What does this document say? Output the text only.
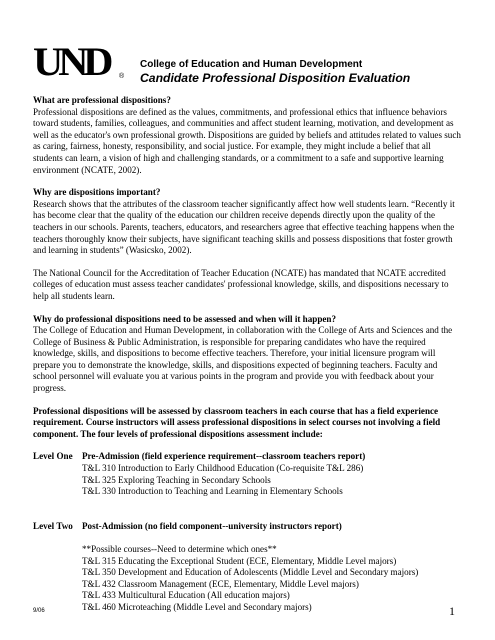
UND ®
College of Education and Human Development
Candidate Professional Disposition Evaluation

What are professional dispositions?
Professional dispositions are defined as the values, commitments, and professional ethics that influence behaviors toward students, families, colleagues, and communities and affect student learning, motivation, and development as well as the educator's own professional growth. Dispositions are guided by beliefs and attitudes related to values such as caring, fairness, honesty, responsibility, and social justice. For example, they might include a belief that all students can learn, a vision of high and challenging standards, or a commitment to a safe and supportive learning environment (NCATE, 2002).

Why are dispositions important?
Research shows that the attributes of the classroom teacher significantly affect how well students learn. “Recently it has become clear that the quality of the education our children receive depends directly upon the quality of the teachers in our schools. Parents, teachers, educators, and researchers agree that effective teaching happens when the teachers thoroughly know their subjects, have significant teaching skills and possess dispositions that foster growth and learning in students” (Wasicsko, 2002).

The National Council for the Accreditation of Teacher Education (NCATE) has mandated that NCATE accredited colleges of education must assess teacher candidates' professional knowledge, skills, and dispositions necessary to help all students learn.

Why do professional dispositions need to be assessed and when will it happen?
The College of Education and Human Development, in collaboration with the College of Arts and Sciences and the College of Business & Public Administration, is responsible for preparing candidates who have the required knowledge, skills, and dispositions to become effective teachers. Therefore, your initial licensure program will prepare you to demonstrate the knowledge, skills, and dispositions expected of beginning teachers. Faculty and school personnel will evaluate you at various points in the program and provide you with feedback about your progress.

Professional dispositions will be assessed by classroom teachers in each course that has a field experience requirement. Course instructors will assess professional dispositions in select courses not involving a field component. The four levels of professional dispositions assessment include:

Level One	Pre-Admission (field experience requirement--classroom teachers report)
T&L 310 Introduction to Early Childhood Education (Co-requisite T&L 286)
T&L 325 Exploring Teaching in Secondary Schools
T&L 330 Introduction to Teaching and Learning in Elementary Schools
Level Two	Post-Admission (no field component--university instructors report)
**Possible courses--Need to determine which ones**
T&L 315 Educating the Exceptional Student (ECE, Elementary, Middle Level majors)
T&L 350 Development and Education of Adolescents (Middle Level and Secondary majors)
T&L 432 Classroom Management (ECE, Elementary, Middle Level majors)
T&L 433 Multicultural Education (All education majors)
T&L 460 Microteaching (Middle Level and Secondary majors)
9/06	1
